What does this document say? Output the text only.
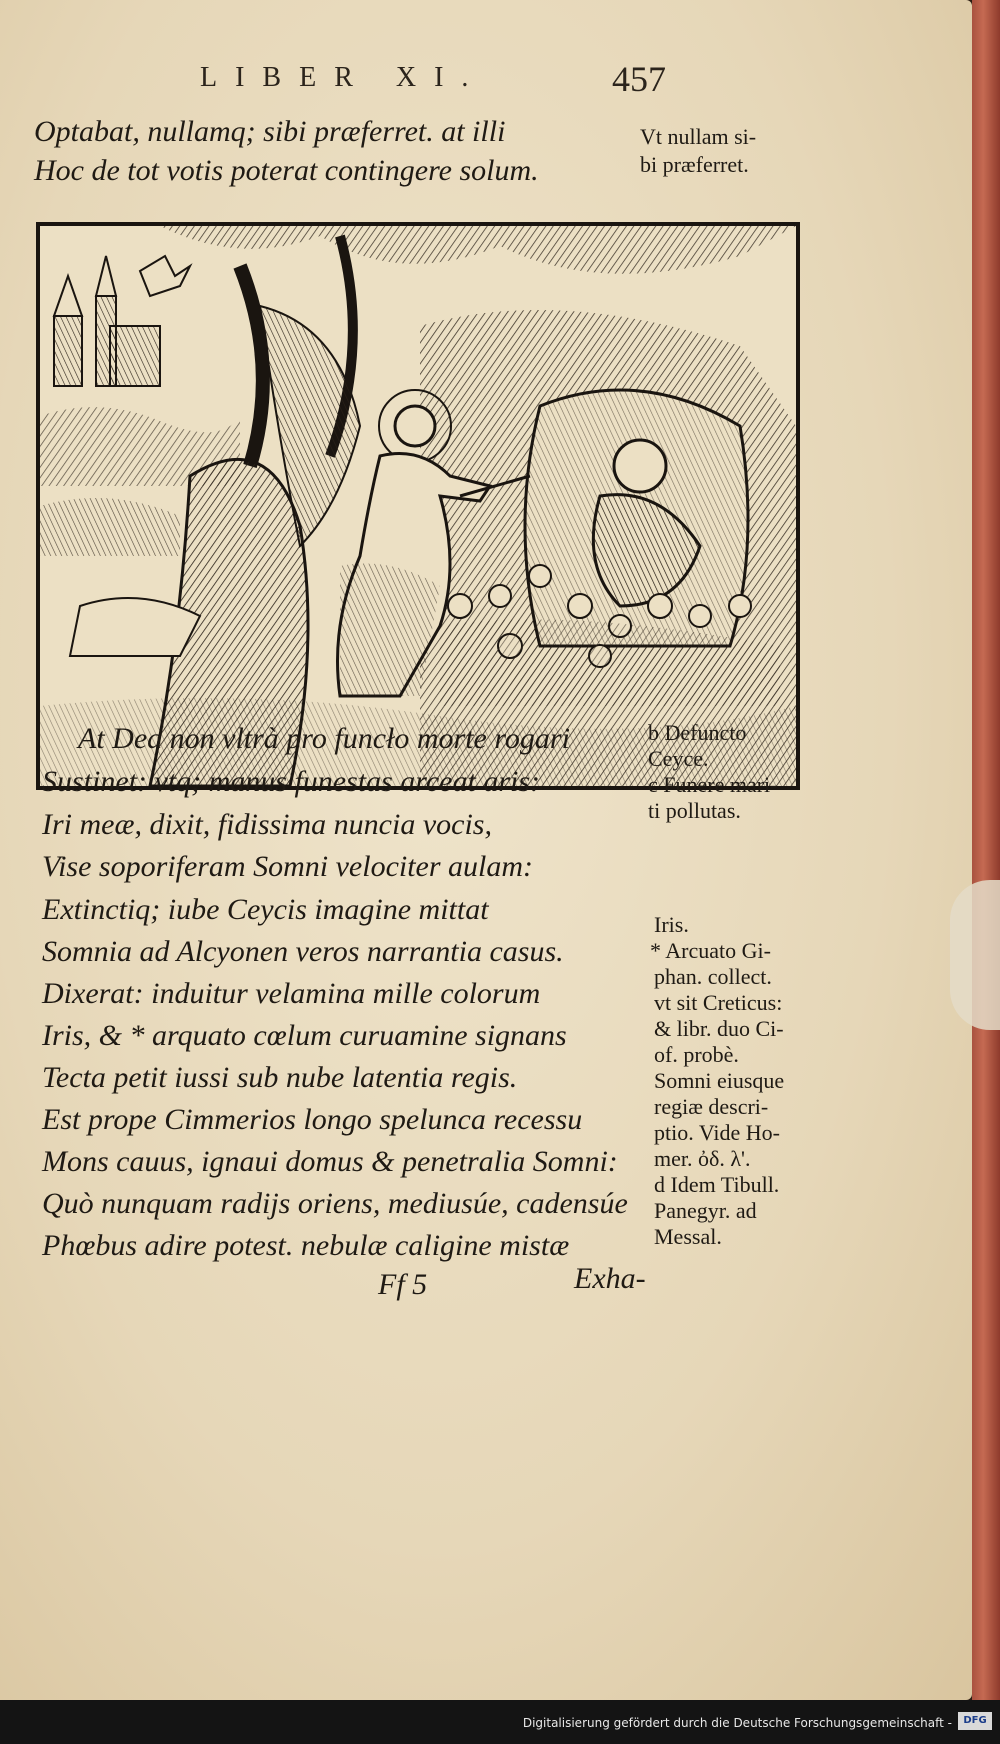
LIBER XI.	457
Optabat, nullamq; sibi præferret. at illi
Hoc de tot votis poterat contingere solum.
Vt nullam si-
bi præferret.
At Dea non vltrà pro funcło morte rogari
Sustinet: vtq; manus funestas arceat aris:
Iri meæ, dixit, fidissima nuncia vocis,
Vise soporiferam Somni velociter aulam:
Extinctiq; iube Ceycis imagine mittat
Somnia ad Alcyonen veros narrantia casus.
Dixerat: induitur velamina mille colorum
Iris, & * arquato cœlum curuamine signans
Tecta petit iussi sub nube latentia regis.
Est prope Cimmerios longo spelunca recessu
Mons cauus, ignaui domus & penetralia Somni:
Quò nunquam radijs oriens, mediusúe, cadensúe
Phœbus adire potest. nebulæ caligine mistæ
b Defunсto
Ceyce.
c Funere mari-
ti pollutas.
Iris.
* Arcuato Gi-
phan. collect.
vt sit Creticus:
& libr. duo Ci-
of. probè.
Somni eiusque
regiæ descri-
ptio. Vide Ho-
mer. ὀδ. λ'.
d Idem Tibull.
Panegyr. ad
Messal.
Ff 5	Exha-
Digitalisierung gefördert durch die Deutsche Forschungsgemeinschaft -	DFG
